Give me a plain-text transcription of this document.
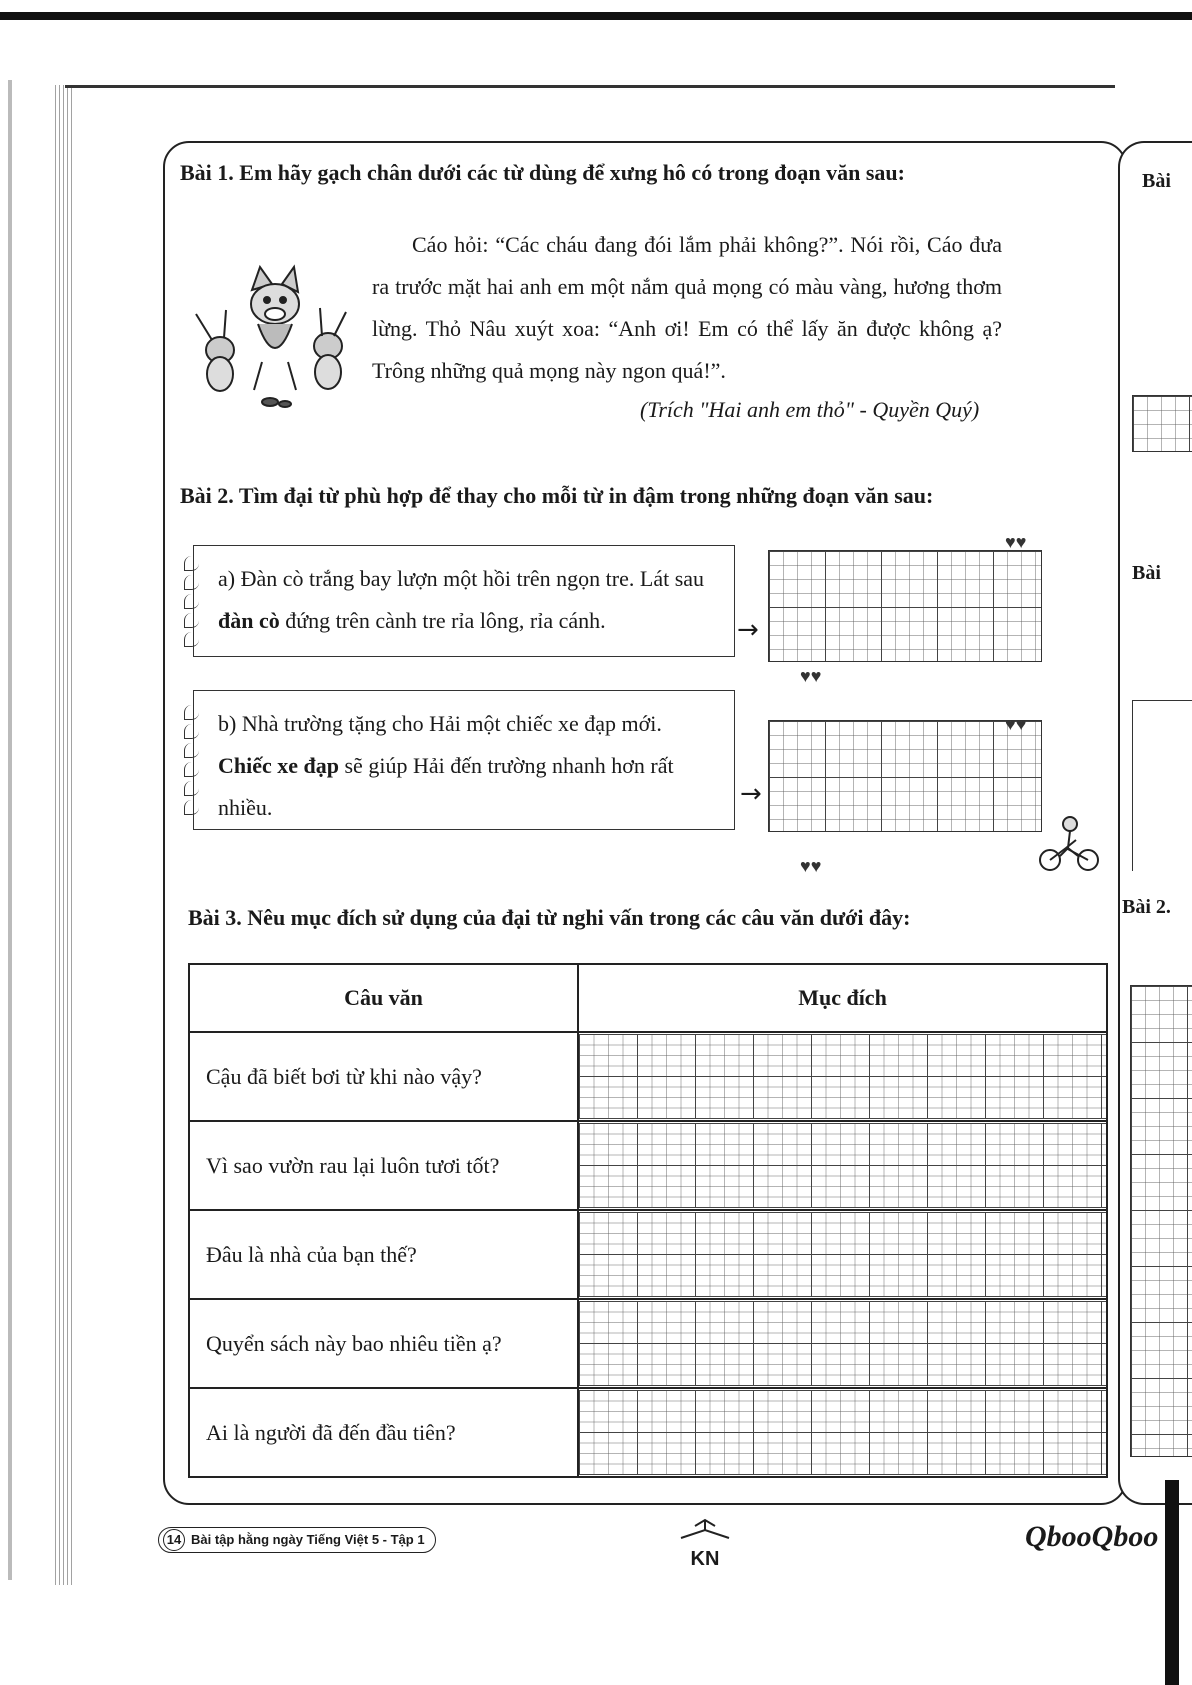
Bài 1. Em hãy gạch chân dưới các từ dùng để xưng hô có trong đoạn văn sau:
Cáo hỏi: “Các cháu đang đói lắm phải không?”. Nói rồi, Cáo đưa ra trước mặt hai anh em một nắm quả mọng có màu vàng, hương thơm lừng. Thỏ Nâu xuýt xoa: “Anh ơi! Em có thể lấy ăn được không ạ? Trông những quả mọng này ngon quá!”.
(Trích "Hai anh em thỏ" - Quyền Quý)
Bài 2. Tìm đại từ phù hợp để thay cho mỗi từ in đậm trong những đoạn văn sau:
a) Đàn cò trắng bay lượn một hồi trên ngọn tre. Lát sau đàn cò đứng trên cành tre rỉa lông, rỉa cánh.	→
♥♥
♥♥
b) Nhà trường tặng cho Hải một chiếc xe đạp mới. Chiếc xe đạp sẽ giúp Hải đến trường nhanh hơn rất nhiều.	→
♥♥
♥♥
Bài 3. Nêu mục đích sử dụng của đại từ nghi vấn trong các câu văn dưới đây:
Câu văn	Mục đích
Cậu đã biết bơi từ khi nào vậy?	

Vì sao vườn rau lại luôn tươi tốt?	

Đâu là nhà của bạn thế?	

Quyển sách này bao nhiêu tiền ạ?	

Ai là người đã đến đầu tiên?	
Bài
Bài
Bài 2.
14 Bài tập hằng ngày Tiếng Việt 5 - Tập 1
KN
QbooQboo
